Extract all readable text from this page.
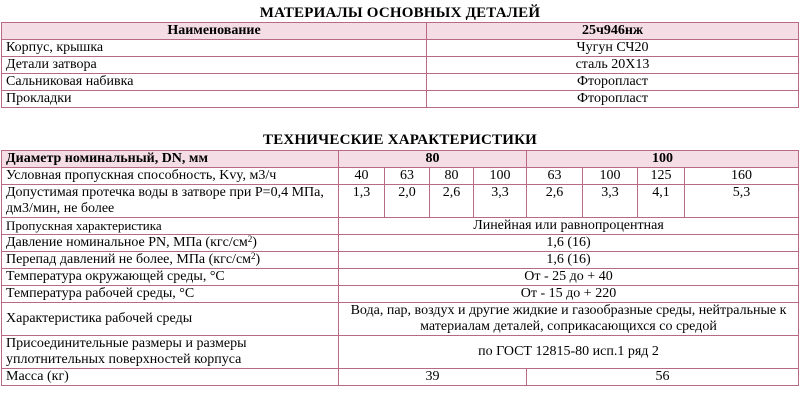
МАТЕРИАЛЫ ОСНОВНЫХ ДЕТАЛЕЙ
Наименование	25ч946нж
Корпус, крышка	Чугун СЧ20
Детали затвора	сталь 20Х13
Сальниковая набивка	Фторопласт
Прокладки	Фторопласт
ТЕХНИЧЕСКИЕ ХАРАКТЕРИСТИКИ
Диаметр номинальный, DN, мм	80				100			
Условная пропускная способность, Kvy, м3/ч	40	63	80	100	63	100	125	160
Допустимая протечка воды в затворе при Р=0,4 МПа, дм3/мин, не более	1,3	2,0	2,6	3,3	2,6	3,3	4,1	5,3
Пропускная характеристика	Линейная или равнопроцентная							
Давление номинальное PN, МПа $(кгс/см^2)$	1,6 (16)							
Перепад давлений не более, МПа $(кгс/см^2)$	1,6 (16)							
Температура окружающей среды, °С	От - 25 до + 40							
Температура рабочей среды, °С	От - 15 до + 220							
Характеристика рабочей среды	Вода, пар, воздух и другие жидкие и газообразные среды, нейтральные к материалам деталей, соприкасающихся со средой							
Присоединительные размеры и размеры уплотнительных поверхностей корпуса	по ГОСТ 12815-80 исп.1 ряд 2							
Масса (кг)	39				56			
